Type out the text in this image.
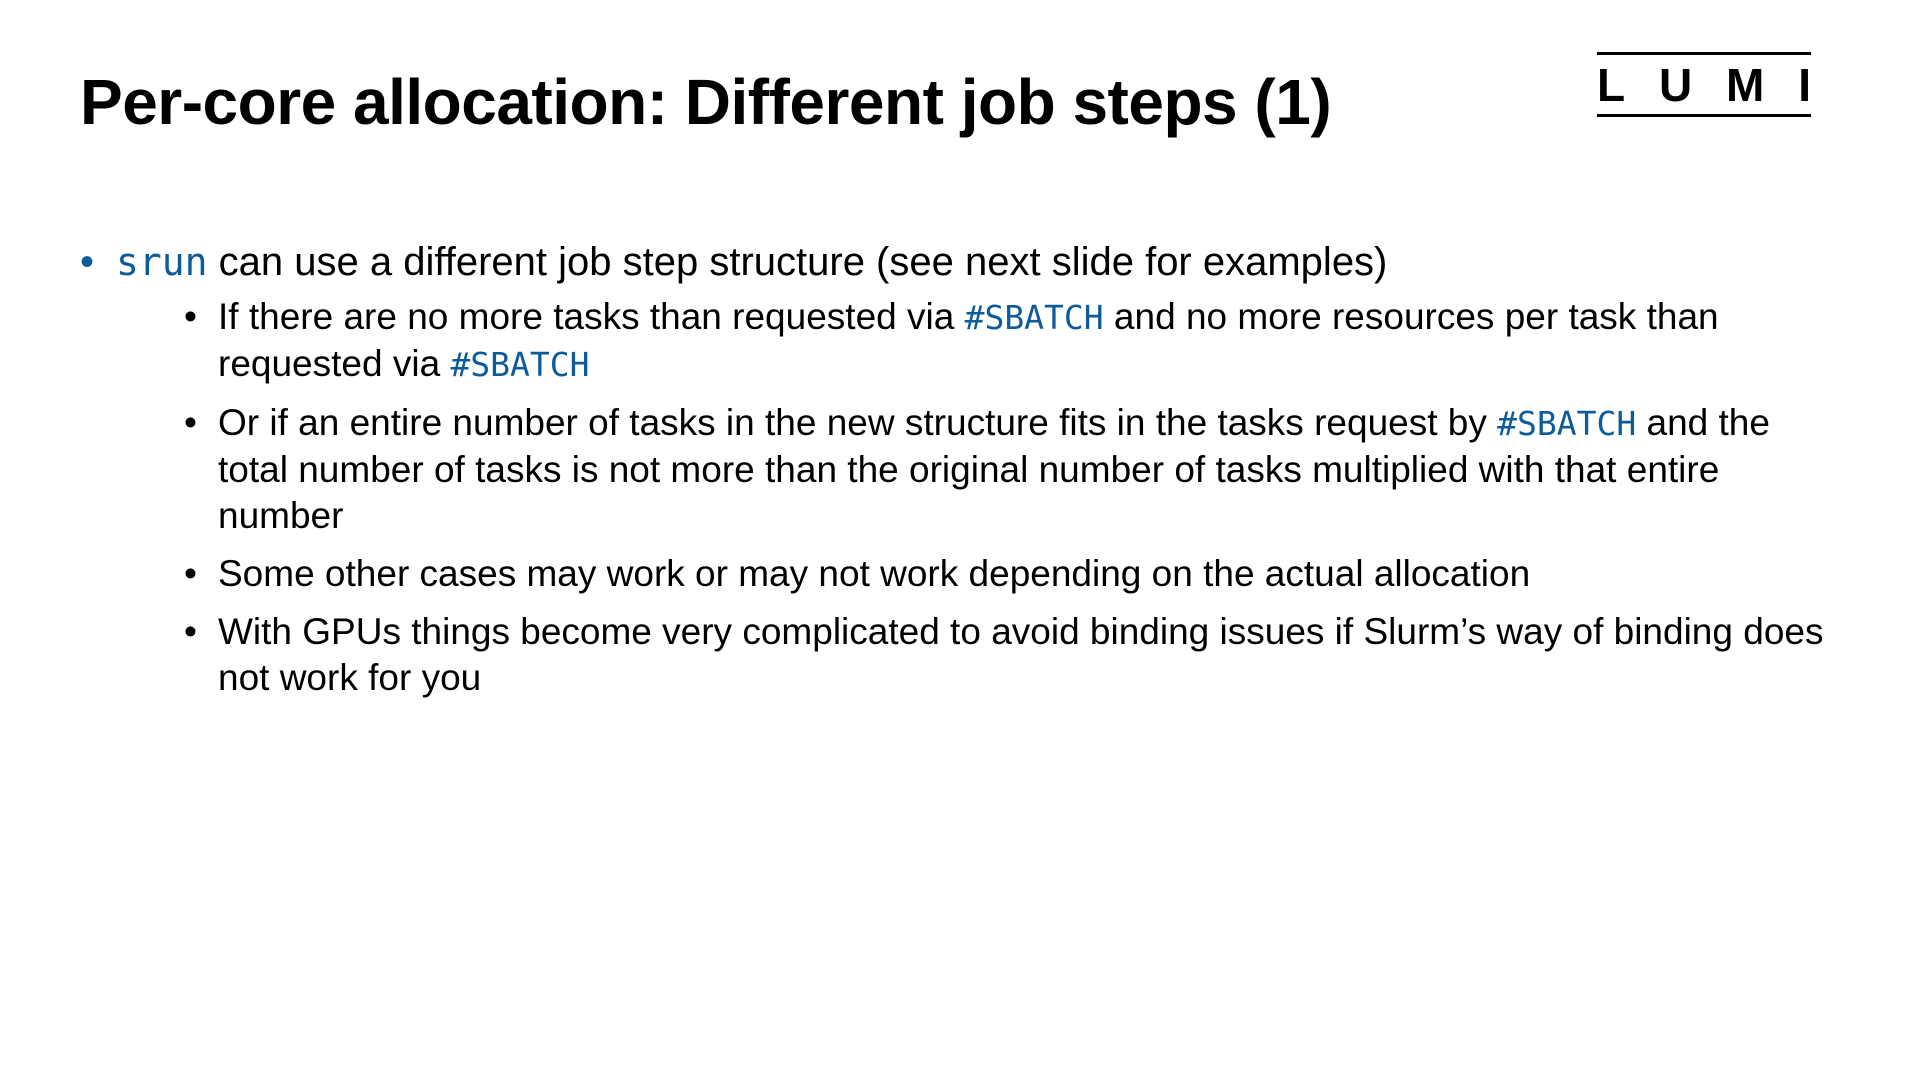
Per-core allocation: Different job steps (1)	L U M I
• srun can use a different job step structure (see next slide for examples)
• If there are no more tasks than requested via #SBATCH and no more resources per task than requested via #SBATCH
• Or if an entire number of tasks in the new structure fits in the tasks request by #SBATCH and the total number of tasks is not more than the original number of tasks multiplied with that entire number
• Some other cases may work or may not work depending on the actual allocation
• With GPUs things become very complicated to avoid binding issues if Slurm’s way of binding does not work for you
